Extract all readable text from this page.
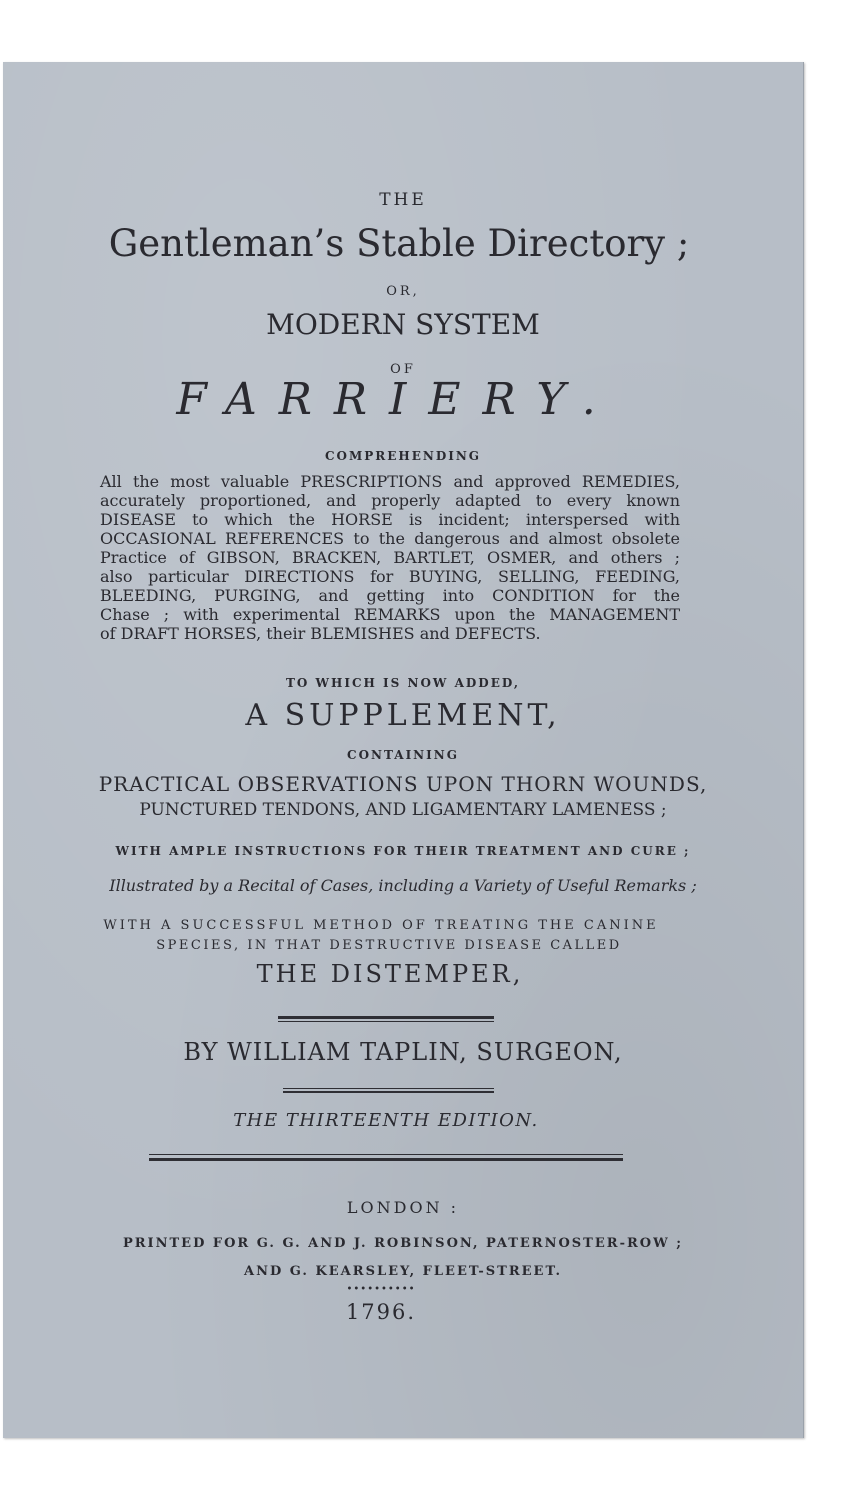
THE
Gentleman’s Stable Directory ;
OR,
MODERN SYSTEM
OF
FARRIERY.
COMPREHENDING
All the most valuable PRESCRIPTIONS and approved REMEDIES,
accurately proportioned, and properly adapted to every known
DISEASE to which the HORSE is incident; interspersed with
OCCASIONAL REFERENCES to the dangerous and almost obsolete
Practice of GIBSON, BRACKEN, BARTLET, OSMER, and others ;
also particular DIRECTIONS for BUYING, SELLING, FEEDING,
BLEEDING, PURGING, and getting into CONDITION for the
Chase ; with experimental REMARKS upon the MANAGEMENT
of DRAFT HORSES, their BLEMISHES and DEFECTS.
TO WHICH IS NOW ADDED,
A SUPPLEMENT,
CONTAINING
PRACTICAL OBSERVATIONS UPON THORN WOUNDS,
PUNCTURED TENDONS, AND LIGAMENTARY LAMENESS ;
WITH AMPLE INSTRUCTIONS FOR THEIR TREATMENT AND CURE ;
Illustrated by a Recital of Cases, including a Variety of Useful Remarks ;
WITH A SUCCESSFUL METHOD OF TREATING THE CANINE
SPECIES, IN THAT DESTRUCTIVE DISEASE CALLED
THE DISTEMPER,
BY WILLIAM TAPLIN, SURGEON,
THE THIRTEENTH EDITION.
LONDON :
PRINTED FOR G. G. AND J. ROBINSON, PATERNOSTER-ROW ;
AND G. KEARSLEY, FLEET-STREET.
••••••••••
1796.
